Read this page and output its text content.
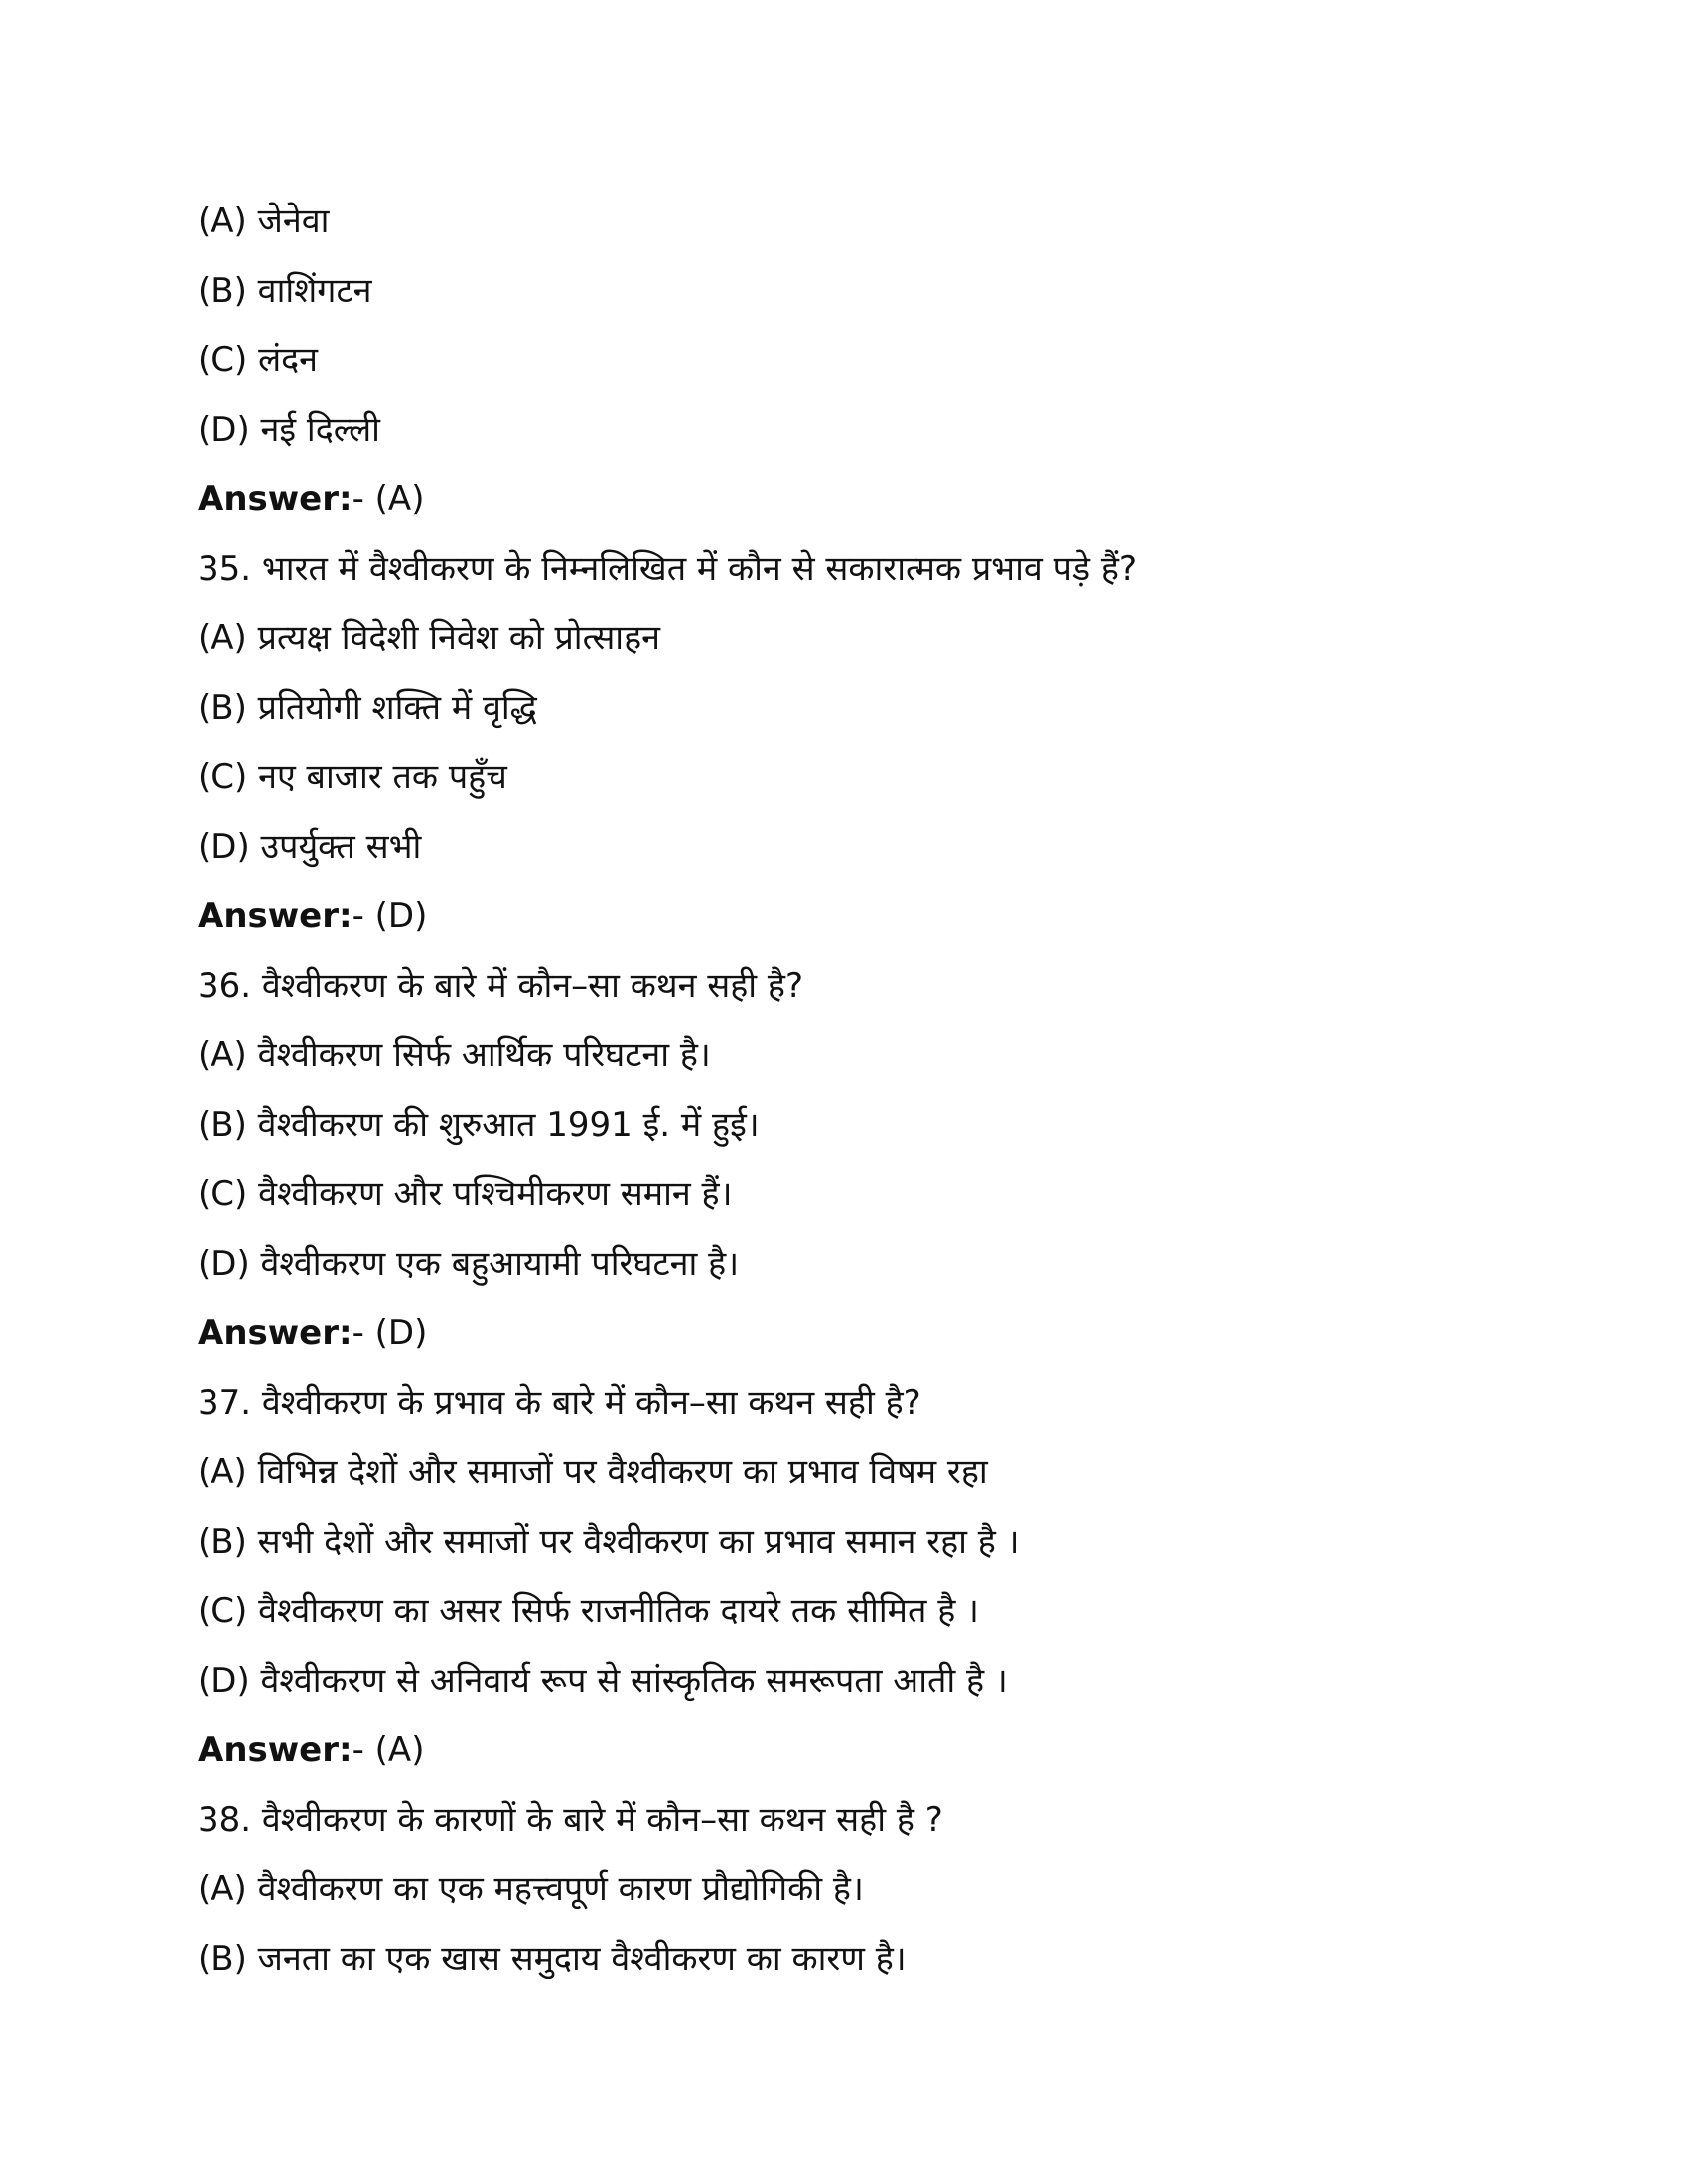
(A) जेनेवा
(B) वाशिंगटन
(C) लंदन
(D) नई दिल्ली
Answer:- (A)
35. भारत में वैश्वीकरण के निम्नलिखित में कौन से सकारात्मक प्रभाव पड़े हैं?
(A) प्रत्यक्ष विदेशी निवेश को प्रोत्साहन
(B) प्रतियोगी शक्ति में वृद्धि
(C) नए बाजार तक पहुँच
(D) उपर्युक्त सभी
Answer:- (D)
36. वैश्वीकरण के बारे में कौन–सा कथन सही है?
(A) वैश्वीकरण सिर्फ आर्थिक परिघटना है।
(B) वैश्वीकरण की शुरुआत 1991 ई. में हुई।
(C) वैश्वीकरण और पश्चिमीकरण समान हैं।
(D) वैश्वीकरण एक बहुआयामी परिघटना है।
Answer:- (D)
37. वैश्वीकरण के प्रभाव के बारे में कौन–सा कथन सही है?
(A) विभिन्न देशों और समाजों पर वैश्वीकरण का प्रभाव विषम रहा
(B) सभी देशों और समाजों पर वैश्वीकरण का प्रभाव समान रहा है ।
(C) वैश्वीकरण का असर सिर्फ राजनीतिक दायरे तक सीमित है ।
(D) वैश्वीकरण से अनिवार्य रूप से सांस्कृतिक समरूपता आती है ।
Answer:- (A)
38. वैश्वीकरण के कारणों के बारे में कौन–सा कथन सही है ?
(A) वैश्वीकरण का एक महत्त्वपूर्ण कारण प्रौद्योगिकी है।
(B) जनता का एक खास समुदाय वैश्वीकरण का कारण है।
